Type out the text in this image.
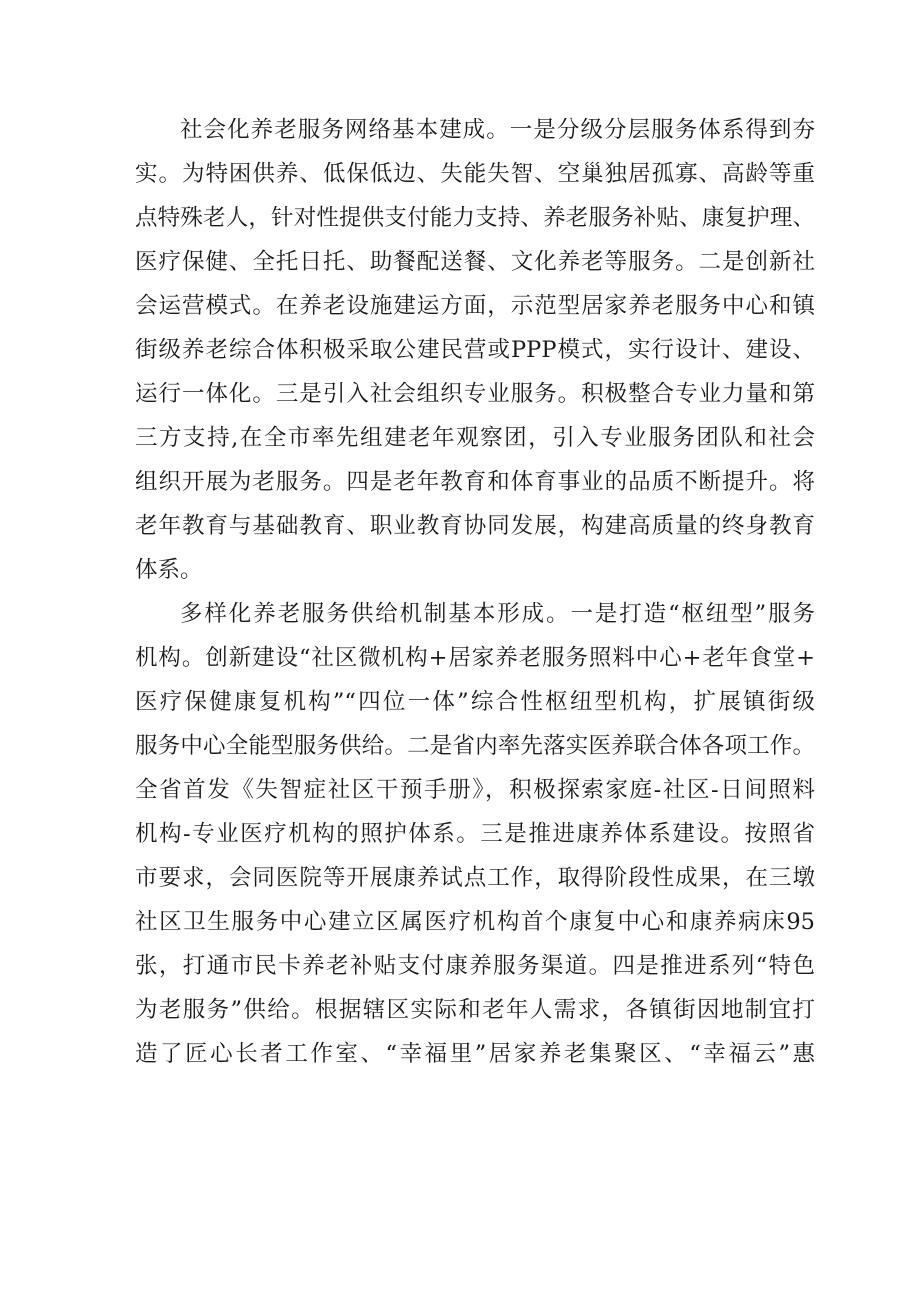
社会化养老服务网络基本建成。一是分级分层服务体系得到夯
实。为特困供养、低保低边、失能失智、空巢独居孤寡、高龄等重
点特殊老人，针对性提供支付能力支持、养老服务补贴、康复护理、
医疗保健、全托日托、助餐配送餐、文化养老等服务。二是创新社
会运营模式。在养老设施建运方面，示范型居家养老服务中心和镇
街级养老综合体积极采取公建民营或PPP模式，实行设计、建设、
运行一体化。三是引入社会组织专业服务。积极整合专业力量和第
三方支持,在全市率先组建老年观察团，引入专业服务团队和社会
组织开展为老服务。四是老年教育和体育事业的品质不断提升。将
老年教育与基础教育、职业教育协同发展，构建高质量的终身教育
体系。
多样化养老服务供给机制基本形成。一是打造“枢纽型”服务
机构。创新建设“社区微机构+居家养老服务照料中心+老年食堂+
医疗保健康复机构”“四位一体”综合性枢纽型机构，扩展镇街级
服务中心全能型服务供给。二是省内率先落实医养联合体各项工作。
全省首发《失智症社区干预手册》，积极探索家庭-社区-日间照料
机构-专业医疗机构的照护体系。三是推进康养体系建设。按照省
市要求，会同医院等开展康养试点工作，取得阶段性成果，在三墩
社区卫生服务中心建立区属医疗机构首个康复中心和康养病床95
张，打通市民卡养老补贴支付康养服务渠道。四是推进系列“特色
为老服务”供给。根据辖区实际和老年人需求，各镇街因地制宜打
造了匠心长者工作室、“幸福里”居家养老集聚区、“幸福云”惠
